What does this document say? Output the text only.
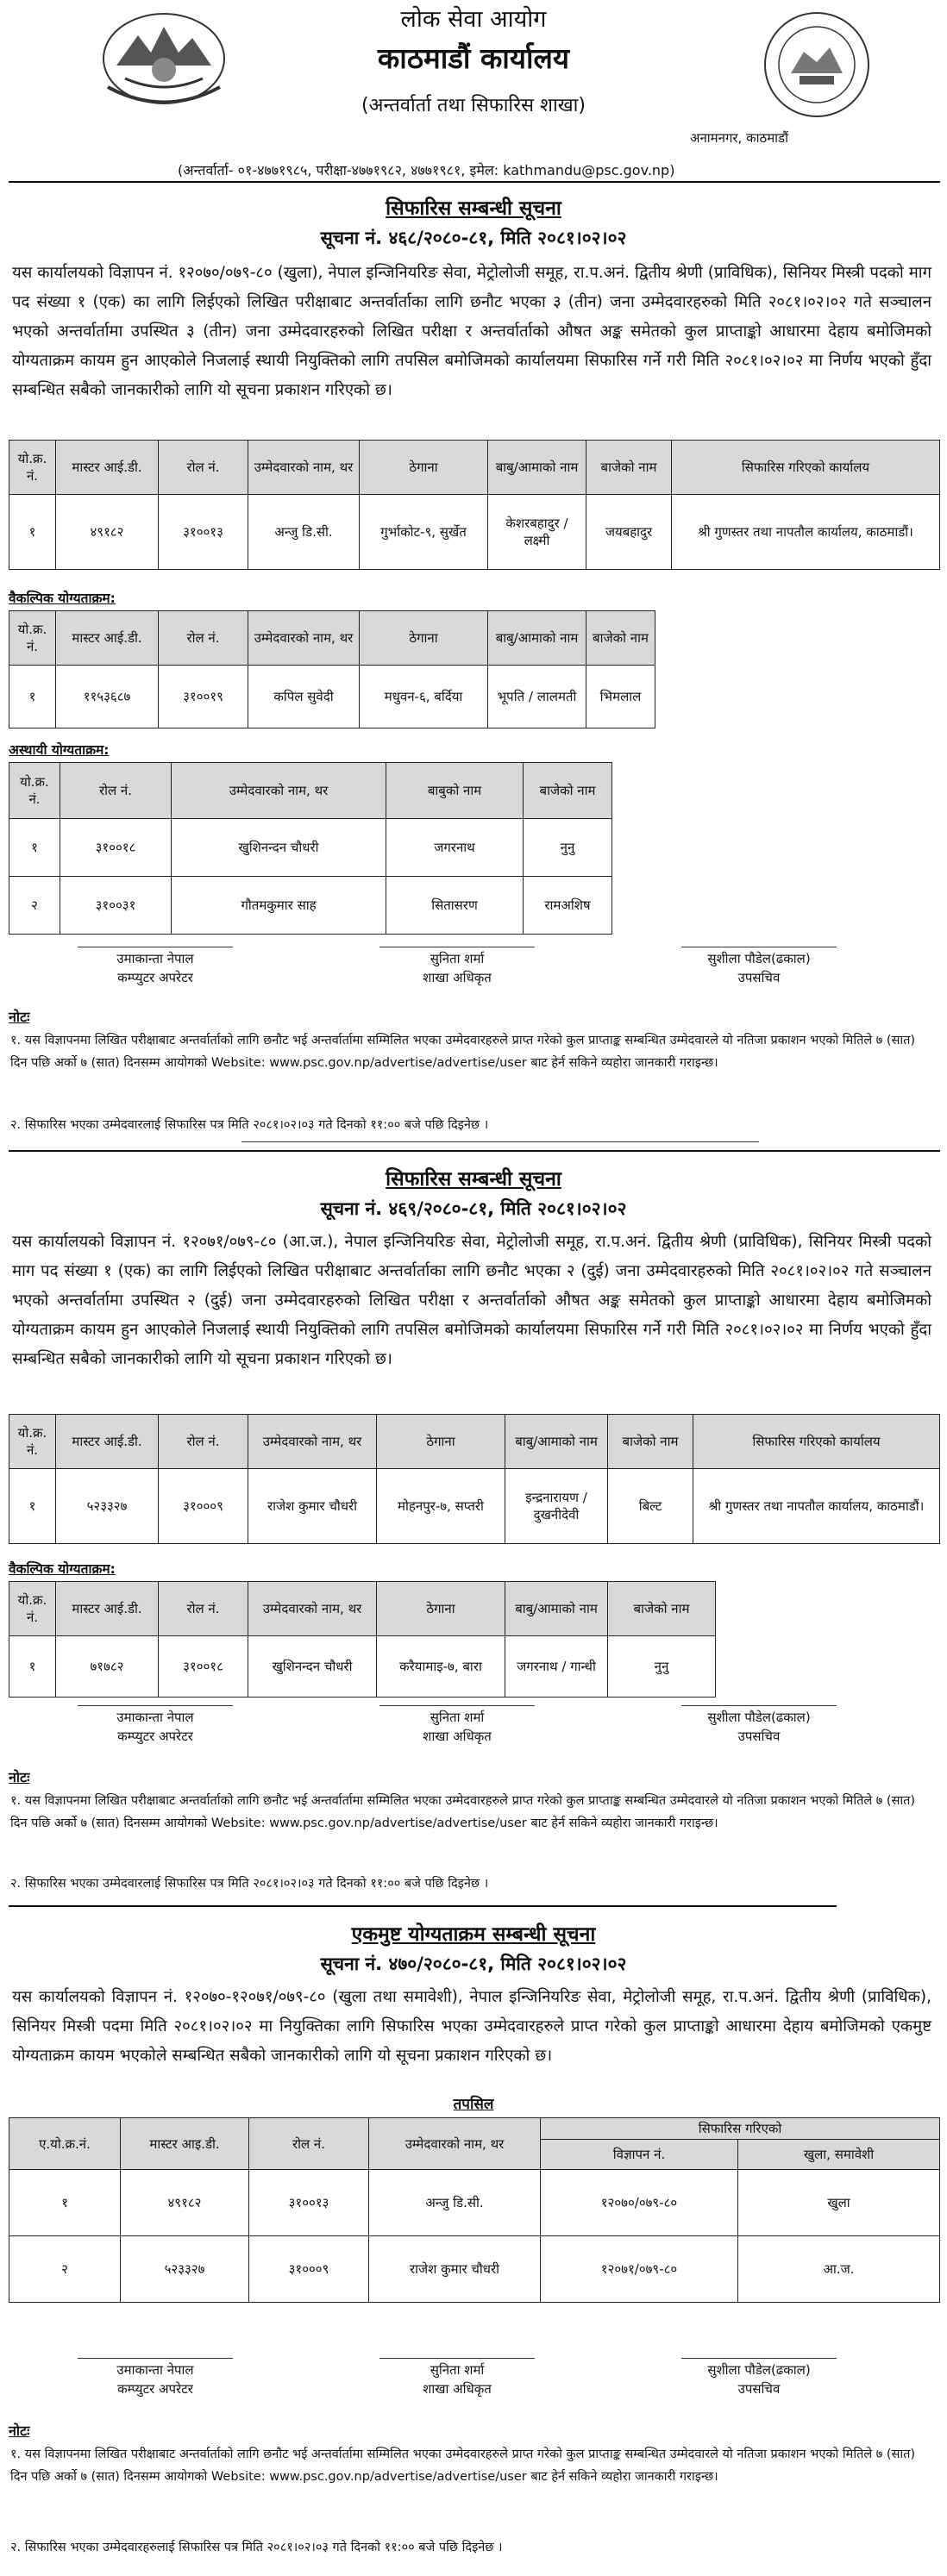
लोक सेवा आयोग
काठमाडौं कार्यालय
(अन्तर्वार्ता तथा सिफारिस शाखा)
अनामनगर, काठमाडौं
(अन्तर्वार्ता- ०१-४७७१९८५, परीक्षा-४७७१९८२, ४७७१९८१, इमेल: kathmandu@psc.gov.np)
सिफारिस सम्बन्धी सूचना
सूचना नं. ४६८/२०८०-८१, मिति २०८१।०२।०२
यस कार्यालयको विज्ञापन नं. १२०७०/०७९-८० (खुला), नेपाल इन्जिनियरिङ सेवा, मेट्रोलोजी समूह, रा.प.अनं. द्वितीय श्रेणी (प्राविधिक), सिनियर मिस्त्री पदको माग पद संख्या १ (एक) का लागि लिईएको लिखित परीक्षाबाट अन्तर्वार्ताका लागि छनौट भएका ३ (तीन) जना उम्मेदवारहरुको मिति २०८१।०२।०२ गते सञ्चालन भएको अन्तर्वार्तामा उपस्थित ३ (तीन) जना उम्मेदवारहरुको लिखित परीक्षा र अन्तर्वार्ताको औषत अङ्क समेतको कुल प्राप्ताङ्को आधारमा देहाय बमोजिमको योग्यताक्रम कायम हुन आएकोले निजलाई स्थायी नियुक्तिको लागि तपसिल बमोजिमको कार्यालयमा सिफारिस गर्ने गरी मिति २०८१।०२।०२ मा निर्णय भएको हुँदा सम्बन्धित सबैको जानकारीको लागि यो सूचना प्रकाशन गरिएको छ।
यो.क्र. नं.	मास्टर आई.डी.	रोल नं.	उम्मेदवारको नाम, थर	ठेगाना	बाबु/आमाको नाम	बाजेको नाम	सिफारिस गरिएको कार्यालय
१	४९१८२	३१००१३	अन्जु डि.सी.	गुर्भाकोट-९, सुर्खेत	केशरबहादुर / लक्ष्मी	जयबहादुर	श्री गुणस्तर तथा नापतौल कार्यालय, काठमाडौं।
वैकल्पिक योग्यताक्रम:
यो.क्र. नं.	मास्टर आई.डी.	रोल नं.	उम्मेदवारको नाम, थर	ठेगाना	बाबु/आमाको नाम	बाजेको नाम
१	११५३६८७	३१००१९	कपिल सुवेदी	मधुवन-६, बर्दिया	भूपति / लालमती	भिमलाल
अस्थायी योग्यताक्रम:
यो.क्र. नं.	रोल नं.	उम्मेदवारको नाम, थर	बाबुको नाम	बाजेको नाम
१	३१००१८	खुशिनन्दन चौधरी	जगरनाथ	नुनु
२	३१००३१	गौतमकुमार साह	सितासरण	रामअशिष
उमाकान्ता नेपाल
कम्प्युटर अपरेटर
सुनिता शर्मा
शाखा अधिकृत
सुशीला पौडेल(ढकाल)
उपसचिव
नोटः
१. यस विज्ञापनमा लिखित परीक्षाबाट अन्तर्वार्ताको लागि छनौट भई अन्तर्वार्तामा सम्मिलित भएका उम्मेदवारहरुले प्राप्त गरेको कुल प्राप्ताङ्क सम्बन्धित उम्मेदवारले यो नतिजा प्रकाशन भएको मितिले ७ (सात) दिन पछि अर्को ७ (सात) दिनसम्म आयोगको Website: www.psc.gov.np/advertise/advertise/user बाट हेर्न सकिने व्यहोरा जानकारी गराइन्छ।
२. सिफारिस भएका उम्मेदवारलाई सिफारिस पत्र मिति २०८१।०२।०३ गते दिनको ११:०० बजे पछि दिइनेछ ।
सिफारिस सम्बन्धी सूचना
सूचना नं. ४६९/२०८०-८१, मिति २०८१।०२।०२
यस कार्यालयको विज्ञापन नं. १२०७१/०७९-८० (आ.ज.), नेपाल इन्जिनियरिङ सेवा, मेट्रोलोजी समूह, रा.प.अनं. द्वितीय श्रेणी (प्राविधिक), सिनियर मिस्त्री पदको माग पद संख्या १ (एक) का लागि लिईएको लिखित परीक्षाबाट अन्तर्वार्ताका लागि छनौट भएका २ (दुई) जना उम्मेदवारहरुको मिति २०८१।०२।०२ गते सञ्चालन भएको अन्तर्वार्तामा उपस्थित २ (दुई) जना उम्मेदवारहरुको लिखित परीक्षा र अन्तर्वार्ताको औषत अङ्क समेतको कुल प्राप्ताङ्को आधारमा देहाय बमोजिमको योग्यताक्रम कायम हुन आएकोले निजलाई स्थायी नियुक्तिको लागि तपसिल बमोजिमको कार्यालयमा सिफारिस गर्ने गरी मिति २०८१।०२।०२ मा निर्णय भएको हुँदा सम्बन्धित सबैको जानकारीको लागि यो सूचना प्रकाशन गरिएको छ।
यो.क्र. नं.	मास्टर आई.डी.	रोल नं.	उम्मेदवारको नाम, थर	ठेगाना	बाबु/आमाको नाम	बाजेको नाम	सिफारिस गरिएको कार्यालय
१	५२३३२७	३१०००९	राजेश कुमार चौधरी	मोहनपुर-७, सप्तरी	इन्द्रनारायण / दुखनीदेवी	बिल्ट	श्री गुणस्तर तथा नापतौल कार्यालय, काठमाडौं।
वैकल्पिक योग्यताक्रम:
यो.क्र. नं.	मास्टर आई.डी.	रोल नं.	उम्मेदवारको नाम, थर	ठेगाना	बाबु/आमाको नाम	बाजेको नाम
१	७१७८२	३१००१८	खुशिनन्दन चौधरी	करैयामाइ-७, बारा	जगरनाथ / गान्धी	नुनु
उमाकान्ता नेपाल
कम्प्युटर अपरेटर
सुनिता शर्मा
शाखा अधिकृत
सुशीला पौडेल(ढकाल)
उपसचिव
नोटः
१. यस विज्ञापनमा लिखित परीक्षाबाट अन्तर्वार्ताको लागि छनौट भई अन्तर्वार्तामा सम्मिलित भएका उम्मेदवारहरुले प्राप्त गरेको कुल प्राप्ताङ्क सम्बन्धित उम्मेदवारले यो नतिजा प्रकाशन भएको मितिले ७ (सात) दिन पछि अर्को ७ (सात) दिनसम्म आयोगको Website: www.psc.gov.np/advertise/advertise/user बाट हेर्न सकिने व्यहोरा जानकारी गराइन्छ।
२. सिफारिस भएका उम्मेदवारलाई सिफारिस पत्र मिति २०८१।०२।०३ गते दिनको ११:०० बजे पछि दिइनेछ ।
एकमुष्ट योग्यताक्रम सम्बन्धी सूचना
सूचना नं. ४७०/२०८०-८१, मिति २०८१।०२।०२
यस कार्यालयको विज्ञापन नं. १२०७०-१२०७१/०७९-८० (खुला तथा समावेशी), नेपाल इन्जिनियरिङ सेवा, मेट्रोलोजी समूह, रा.प.अनं. द्वितीय श्रेणी (प्राविधिक), सिनियर मिस्त्री पदमा मिति २०८१।०२।०२ मा नियुक्तिका लागि सिफारिस भएका उम्मेदवारहरुले प्राप्त गरेको कुल प्राप्ताङ्को आधारमा देहाय बमोजिमको एकमुष्ट योग्यताक्रम कायम भएकोले सम्बन्धित सबैको जानकारीको लागि यो सूचना प्रकाशन गरिएको छ।
तपसिल
ए.यो.क्र.नं.	मास्टर आइ.डी.	रोल नं.	उम्मेदवारको नाम, थर	सिफारिस गरिएको	
				विज्ञापन नं.	खुला, समावेशी
१	४९१८२	३१००१३	अन्जु डि.सी.	१२०७०/०७९-८०	खुला
२	५२३३२७	३१०००९	राजेश कुमार चौधरी	१२०७१/०७९-८०	आ.ज.
उमाकान्ता नेपाल
कम्प्युटर अपरेटर
सुनिता शर्मा
शाखा अधिकृत
सुशीला पौडेल(ढकाल)
उपसचिव
नोटः
१. यस विज्ञापनमा लिखित परीक्षाबाट अन्तर्वार्ताको लागि छनौट भई अन्तर्वार्तामा सम्मिलित भएका उम्मेदवारहरुले प्राप्त गरेको कुल प्राप्ताङ्क सम्बन्धित उम्मेदवारले यो नतिजा प्रकाशन भएको मितिले ७ (सात) दिन पछि अर्को ७ (सात) दिनसम्म आयोगको Website: www.psc.gov.np/advertise/advertise/user बाट हेर्न सकिने व्यहोरा जानकारी गराइन्छ।
२. सिफारिस भएका उम्मेदवारहरुलाई सिफारिस पत्र मिति २०८१।०२।०३ गते दिनको ११:०० बजे पछि दिइनेछ ।
